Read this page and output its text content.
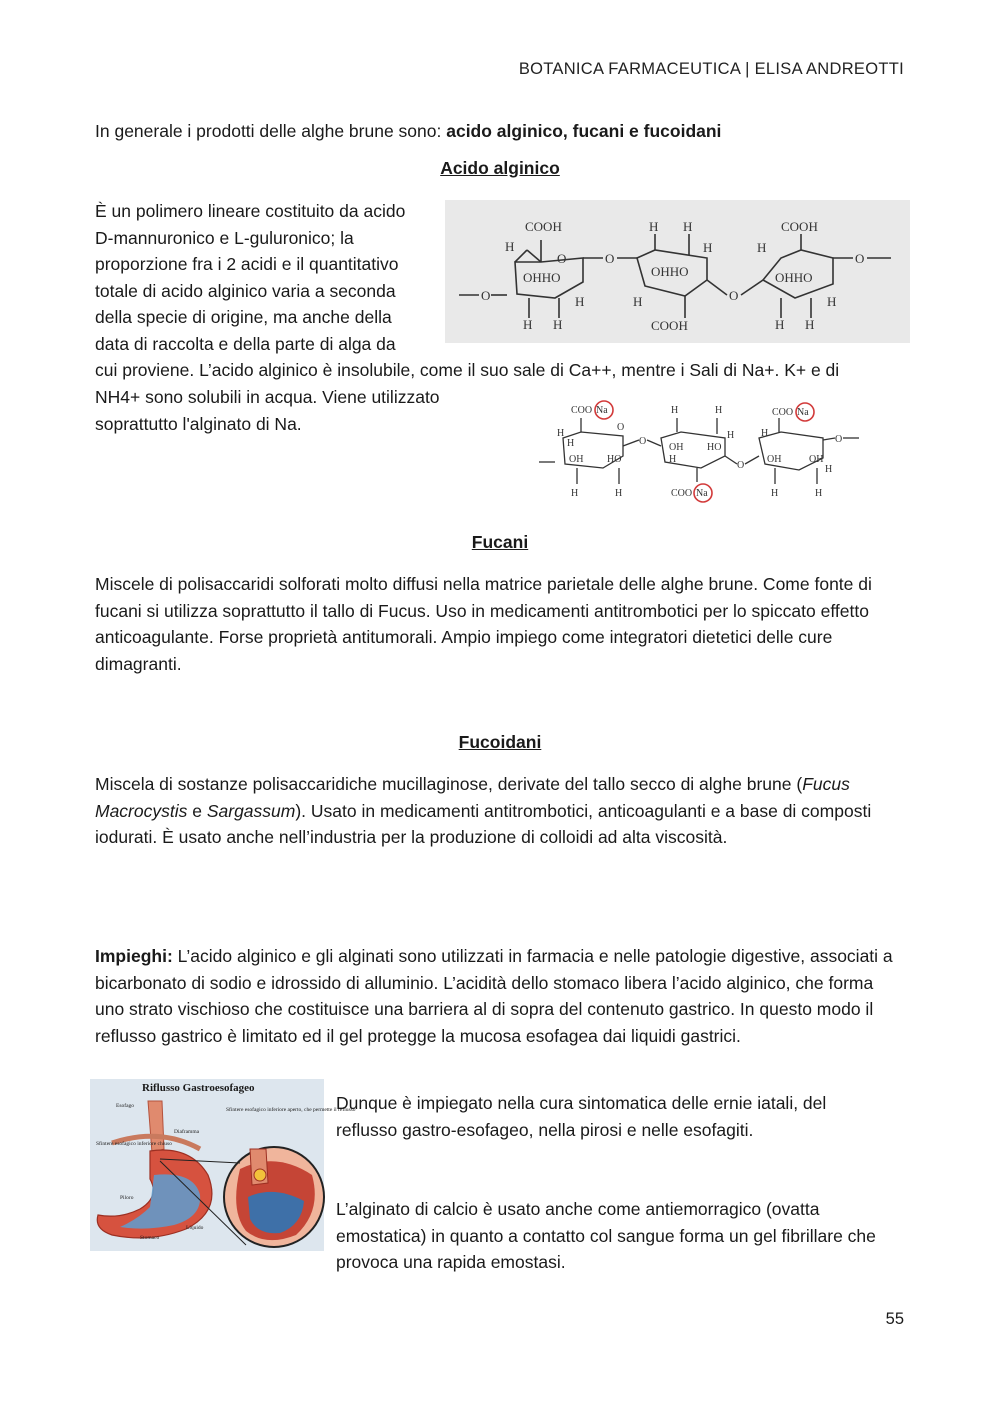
BOTANICA FARMACEUTICA | ELISA ANDREOTTI
In generale i prodotti delle alghe brune sono: acido alginico, fucani e fucoidani
Acido alginico
È un polimero lineare costituito da acido
D-mannuronico e L-guluronico; la
proporzione fra i 2 acidi e il quantitativo
totale di acido alginico varia a seconda
della specie di origine, ma anche della
data di raccolta e della parte di alga da
cui proviene. L’acido alginico è insolubile, come il suo sale di Ca++, mentre i Sali di Na+. K+ e di
NH4+ sono solubili in acqua. Viene utilizzato
soprattutto l'alginato di Na.
O
COOH
H
OHHO
O	O
H H
H
H H
OHHO
H
H
COOH
O
COOH
H
OHHO
O
H
H H
COO Na	H	H	COO Na
H
H
OH HO
O
O
OH
H
HO
H
O
H
OH	OH
H
O
H	H	COO Na	H	H
Fucani
Miscele di polisaccaridi solforati molto diffusi nella matrice parietale delle alghe brune. Come fonte di fucani si utilizza soprattutto il tallo di Fucus. Uso in medicamenti antitrombotici per lo spiccato effetto anticoagulante. Forse proprietà antitumorali. Ampio impiego come integratori dietetici delle cure dimagranti.
Fucoidani
Miscela di sostanze polisaccaridiche mucillaginose, derivate del tallo secco di alghe brune (Fucus Macrocystis e Sargassum). Usato in medicamenti antitrombotici, anticoagulanti e a base di composti iodurati. È usato anche nell’industria per la produzione di colloidi ad alta viscosità.
Impieghi: L’acido alginico e gli alginati sono utilizzati in farmacia e nelle patologie digestive, associati a bicarbonato di sodio e idrossido di alluminio. L’acidità dello stomaco libera l’acido alginico, che forma uno strato vischioso che costituisce una barriera al di sopra del contenuto gastrico. In questo modo il reflusso gastrico è limitato ed il gel protegge la mucosa esofagea dai liquidi gastrici.
Riflusso Gastroesofageo
Esofago
Diaframma
Sfintere esofagico inferiore aperto, che permette il reflusso
Sfintere esofagico inferiore chiuso
Piloro
Liquido
Stomaco
Dunque è impiegato nella cura sintomatica delle ernie iatali, del reflusso gastro-esofageo, nella pirosi e nelle esofagiti.
L’alginato di calcio è usato anche come antiemorragico (ovatta emostatica) in quanto a contatto col sangue forma un gel fibrillare che provoca una rapida emostasi.
55
